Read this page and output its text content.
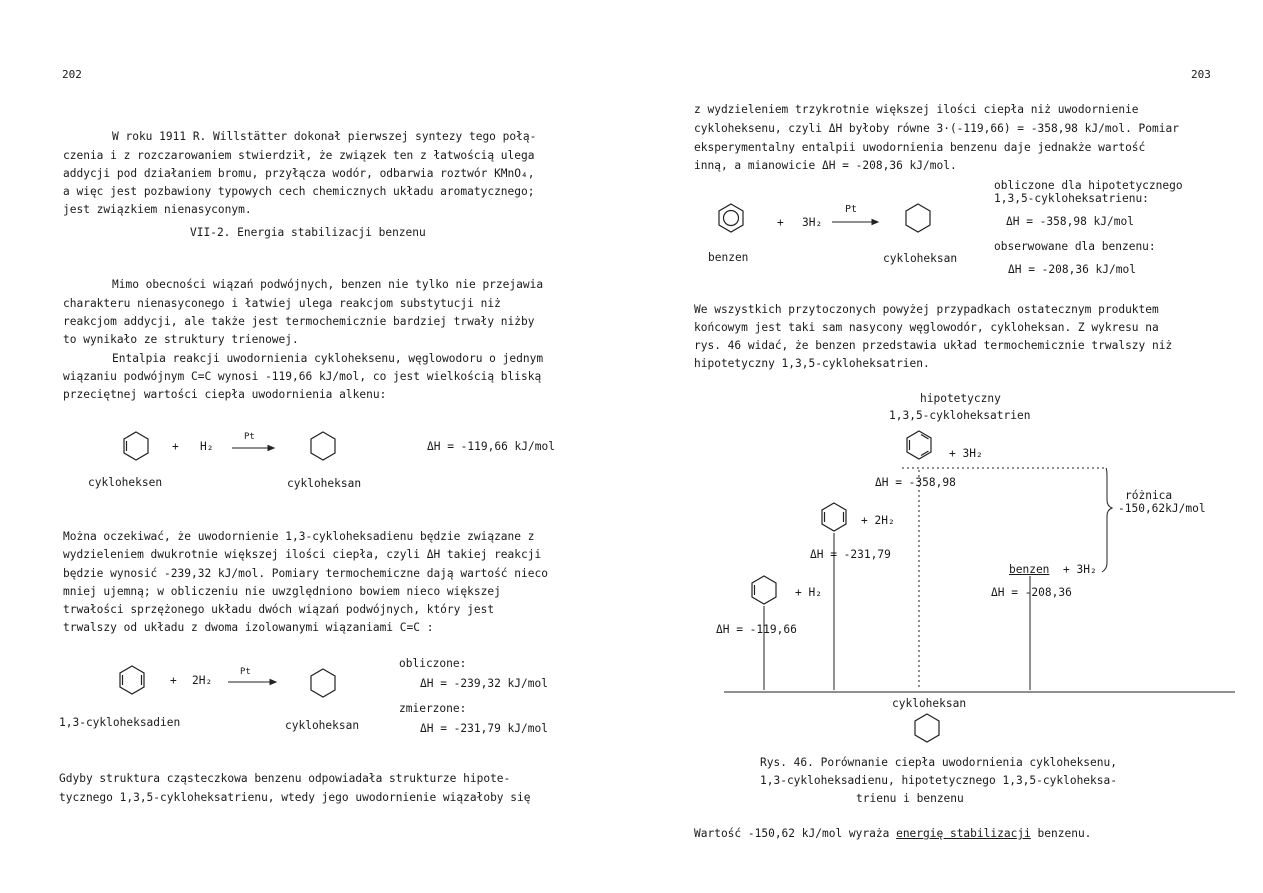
202
W roku 1911 R. Willstätter dokonał pierwszej syntezy tego połą-
czenia i z rozczarowaniem stwierdził, że związek ten z łatwością ulega
addycji pod działaniem bromu, przyłącza wodór, odbarwia roztwór KMnO₄,
a więc jest pozbawiony typowych cech chemicznych układu aromatycznego;
jest związkiem nienasyconym.
VII-2. Energia stabilizacji benzenu
Mimo obecności wiązań podwójnych, benzen nie tylko nie przejawia
charakteru nienasyconego i łatwiej ulega reakcjom substytucji niż
reakcjom addycji, ale także jest termochemicznie bardziej trwały niżby
to wynikało ze struktury trienowej.
Entalpia reakcji uwodornienia cykloheksenu, węglowodoru o jednym
wiązaniu podwójnym C=C wynosi -119,66 kJ/mol, co jest wielkością bliską
przeciętnej wartości ciepła uwodornienia alkenu:
+ H₂
Pt
ΔH = -119,66 kJ/mol
cykloheksen	cykloheksan
Można oczekiwać, że uwodornienie 1,3-cykloheksadienu będzie związane z
wydzieleniem dwukrotnie większej ilości ciepła, czyli ΔH takiej reakcji
będzie wynosić -239,32 kJ/mol. Pomiary termochemiczne dają wartość nieco
mniej ujemną; w obliczeniu nie uwzględniono bowiem nieco większej
trwałości sprzężonego układu dwóch wiązań podwójnych, który jest
trwalszy od układu z dwoma izolowanymi wiązaniami C=C :
+ 2H₂
Pt
obliczone:
ΔH = -239,32 kJ/mol
zmierzone:
ΔH = -231,79 kJ/mol
1,3-cykloheksadien	cykloheksan
Gdyby struktura cząsteczkowa benzenu odpowiadała strukturze hipote-
tycznego 1,3,5-cykloheksatrienu, wtedy jego uwodornienie wiązałoby się
203
z wydzieleniem trzykrotnie większej ilości ciepła niż uwodornienie
cykloheksenu, czyli ΔH byłoby równe 3·(-119,66) = -358,98 kJ/mol. Pomiar
eksperymentalny entalpii uwodornienia benzenu daje jednakże wartość
inną, a mianowicie ΔH = -208,36 kJ/mol.
obliczone dla hipotetycznego
1,3,5-cykloheksatrienu:
ΔH = -358,98 kJ/mol
+ 3H₂
Pt
obserwowane dla benzenu:
ΔH = -208,36 kJ/mol
benzen	cykloheksan
We wszystkich przytoczonych powyżej przypadkach ostatecznym produktem
końcowym jest taki sam nasycony węglowodór, cykloheksan. Z wykresu na
rys. 46 widać, że benzen przedstawia układ termochemicznie trwalszy niż
hipotetyczny 1,3,5-cykloheksatrien.
hipotetyczny
1,3,5-cykloheksatrien
+ 3H₂
ΔH = -358,98
+ 2H₂
ΔH = -231,79
+ H₂
ΔH = -119,66
benzen + 3H₂
ΔH = -208,36
różnica
-150,62kJ/mol
cykloheksan
Rys. 46. Porównanie ciepła uwodornienia cykloheksenu,
1,3-cykloheksadienu, hipotetycznego 1,3,5-cykloheksa-
trienu i benzenu
Wartość -150,62 kJ/mol wyraża energię stabilizacji benzenu.
